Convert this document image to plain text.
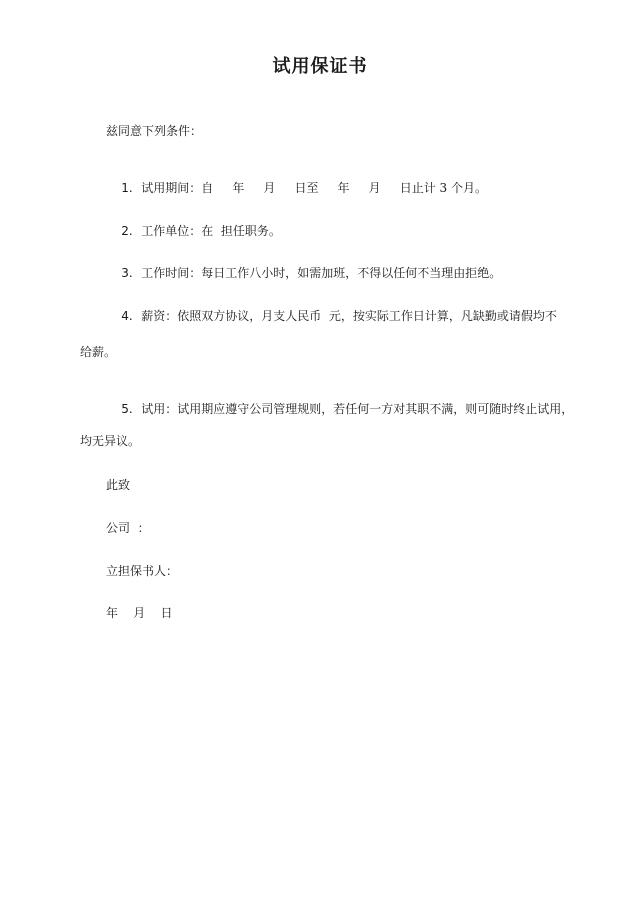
试用保证书
兹同意下列条件：

1. 试用期间：自     年     月     日至     年     月     日止计 3 个月。

2. 工作单位：在  担任职务。

3. 工作时间：每日工作八小时，如需加班，不得以任何不当理由拒绝。

4. 薪资：依照双方协议，月支人民币  元，按实际工作日计算，凡缺勤或请假均不

给薪。

5. 试用：试用期应遵守公司管理规则，若任何一方对其职不满，则可随时终止试用，

均无异议。
此致
公司  ：
立担保书人：
年    月    日
